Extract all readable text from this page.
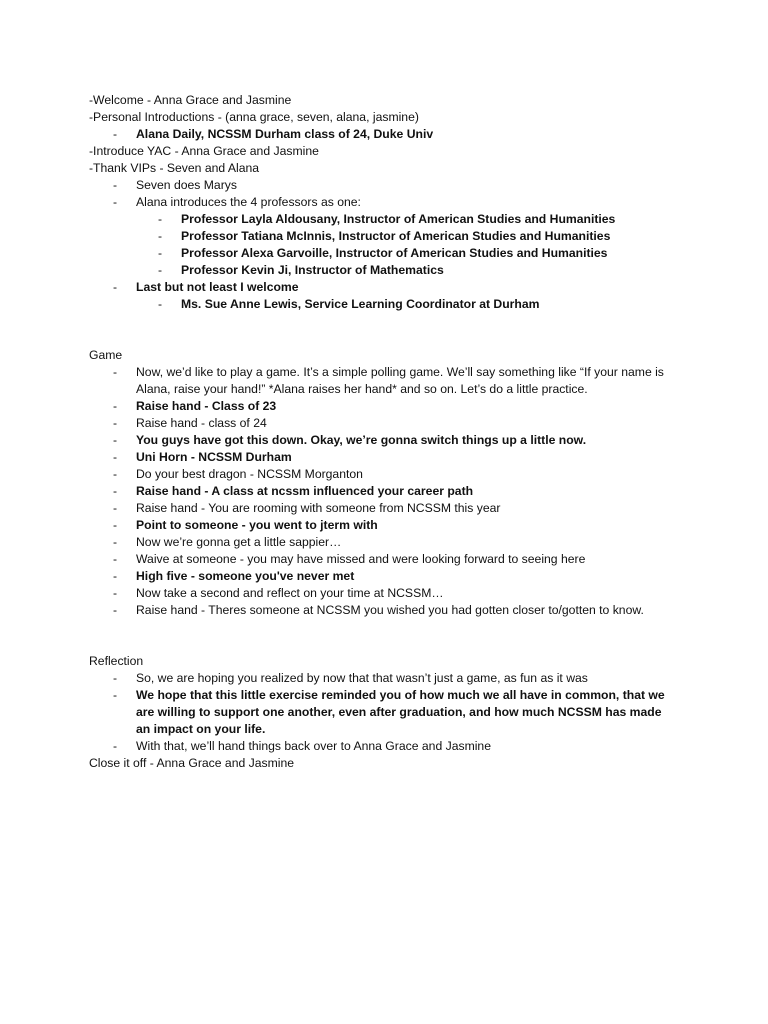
-Welcome - Anna Grace and Jasmine
-Personal Introductions - (anna grace, seven, alana, jasmine)
- Alana Daily, NCSSM Durham class of 24, Duke Univ
-Introduce YAC - Anna Grace and Jasmine
-Thank VIPs - Seven and Alana
- Seven does Marys
- Alana introduces the 4 professors as one:
- Professor Layla Aldousany, Instructor of American Studies and Humanities
- Professor Tatiana McInnis, Instructor of American Studies and Humanities
- Professor Alexa Garvoille, Instructor of American Studies and Humanities
- Professor Kevin Ji, Instructor of Mathematics
- Last but not least I welcome
- Ms. Sue Anne Lewis, Service Learning Coordinator at Durham
Game
- Now, we’d like to play a game. It’s a simple polling game. We’ll say something like “If your name is Alana, raise your hand!” *Alana raises her hand* and so on. Let’s do a little practice.
- Raise hand - Class of 23
- Raise hand - class of 24
- You guys have got this down. Okay, we’re gonna switch things up a little now.
- Uni Horn - NCSSM Durham
- Do your best dragon - NCSSM Morganton
- Raise hand - A class at ncssm influenced your career path
- Raise hand - You are rooming with someone from NCSSM this year
- Point to someone - you went to jterm with
- Now we’re gonna get a little sappier…
- Waive at someone - you may have missed and were looking forward to seeing here
- High five - someone you've never met
- Now take a second and reflect on your time at NCSSM…
- Raise hand - Theres someone at NCSSM you wished you had gotten closer to/gotten to know.
Reflection
- So, we are hoping you realized by now that that wasn’t just a game, as fun as it was
- We hope that this little exercise reminded you of how much we all have in common, that we are willing to support one another, even after graduation, and how much NCSSM has made an impact on your life.
- With that, we’ll hand things back over to Anna Grace and Jasmine
Close it off - Anna Grace and Jasmine
